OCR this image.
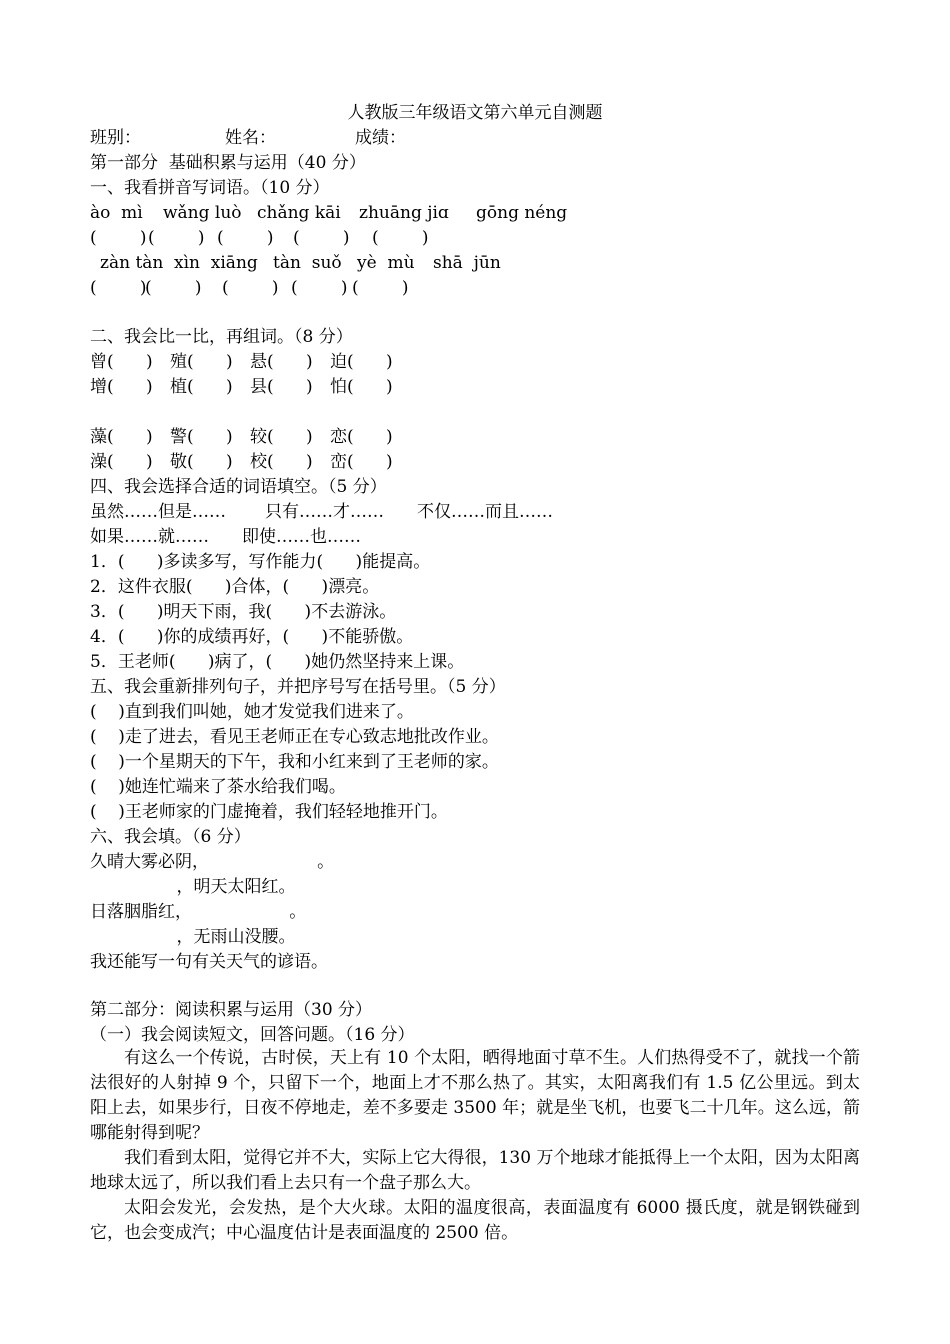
人教版三年级语文第六单元自测题

班别：

	姓名：

	成绩：

第一部分  基础积累与运用（40 分）
一、我看拼音写词语。（10 分）

ào  mì

wǎng luò

chǎng kāi

zhuāng jiɑ

gōng néng

(        )

(        )

(        )

(        )

(        )

zàn tàn

xìn  xiāng

tàn  suǒ

yè  mù

shā  jūn

(        )

(        )

(        )

(        )

(        )

二、我会比一比，再组词。（8 分）

曾(      )

殖(      )

悬(      )

迫(      )

增(      )

植(      )

县(      )

怕(      )

藻(      )

警(      )

较(      )

恋(      )

澡(      )

敬(      )

校(      )

峦(      )

四、我会选择合适的词语填空。（5 分）

虽然……但是……

只有……才……

不仅……而且……

如果……就……

即使……也……

1．(      )多读多写，写作能力(      )能提高。
2．这件衣服(      )合体，(      )漂亮。
3．(      )明天下雨，我(      )不去游泳。
4．(      )你的成绩再好，(      )不能骄傲。
5．王老师(      )病了，(      )她仍然坚持来上课。
五、我会重新排列句子，并把序号写在括号里。（5 分）
(    )直到我们叫她，她才发觉我们进来了。
(    )走了进去，看见王老师正在专心致志地批改作业。
(    )一个星期天的下午，我和小红来到了王老师的家。
(    )她连忙端来了茶水给我们喝。
(    )王老师家的门虚掩着，我们轻轻地推开门。
六、我会填。（6 分）
久晴大雾必阴，                    。
，明天太阳红。
日落胭脂红，                  。
，无雨山没腰。
我还能写一句有关天气的谚语。
第二部分：阅读积累与运用（30 分）
（一）我会阅读短文，回答问题。（16 分）
有这么一个传说，古时侯，天上有 10 个太阳，晒得地面寸草不生。人们热得受不了，就找一个箭法很好的人射掉 9 个，只留下一个，地面上才不那么热了。其实，太阳离我们有 1.5 亿公里远。到太阳上去，如果步行，日夜不停地走，差不多要走 3500 年；就是坐飞机，也要飞二十几年。这么远，箭哪能射得到呢？
我们看到太阳，觉得它并不大，实际上它大得很，130 万个地球才能抵得上一个太阳，因为太阳离地球太远了，所以我们看上去只有一个盘子那么大。
太阳会发光，会发热，是个大火球。太阳的温度很高，表面温度有 6000 摄氏度，就是钢铁碰到它，也会变成汽；中心温度估计是表面温度的 2500 倍。
